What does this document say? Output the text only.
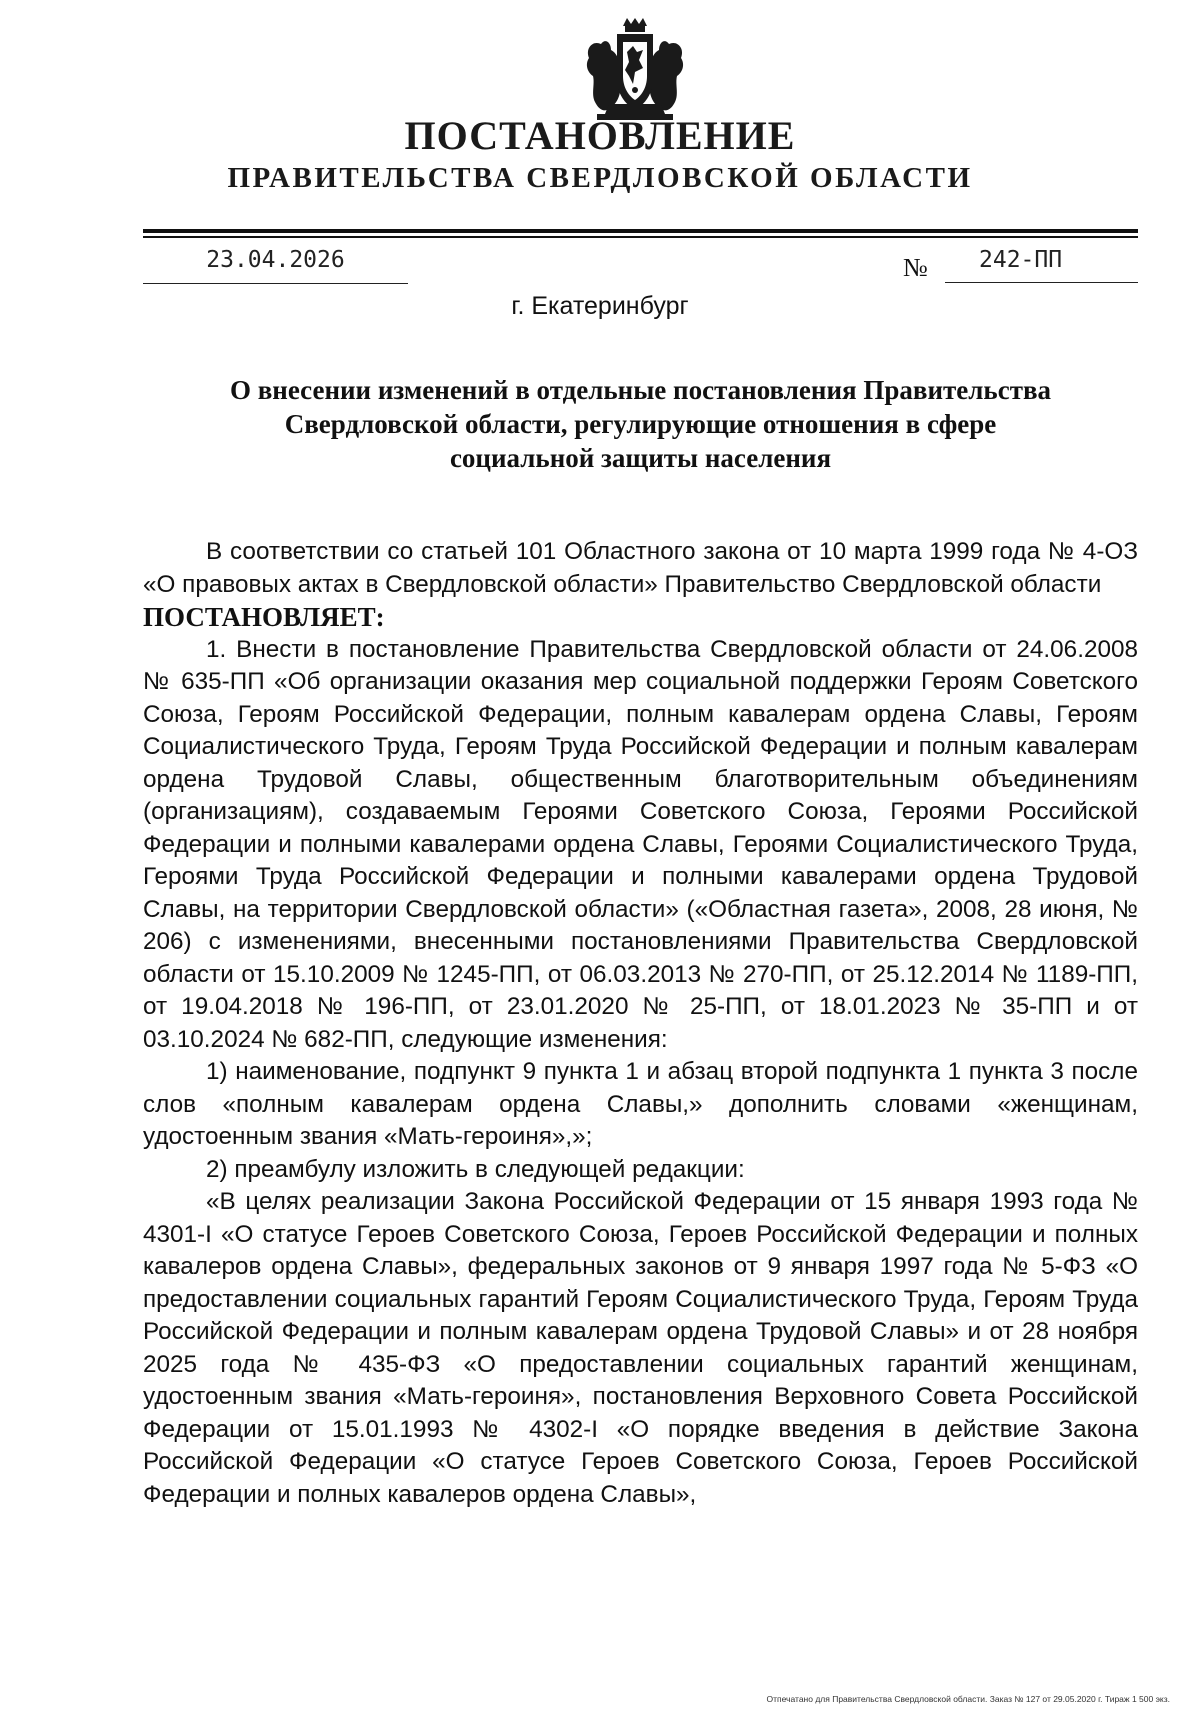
ПОСТАНОВЛЕНИЕ
ПРАВИТЕЛЬСТВА СВЕРДЛОВСКОЙ ОБЛАСТИ
23.04.2026	№	242-ПП
г. Екатеринбург
О внесении изменений в отдельные постановления Правительства
Свердловской области, регулирующие отношения в сфере
социальной защиты населения

В соответствии со статьей 101 Областного закона от 10 марта 1999 года № 4-ОЗ «О правовых актах в Свердловской области» Правительство Свердловской области

ПОСТАНОВЛЯЕТ:

1. Внести в постановление Правительства Свердловской области от 24.06.2008 № 635-ПП «Об организации оказания мер социальной поддержки Героям Советского Союза, Героям Российской Федерации, полным кавалерам ордена Славы, Героям Социалистического Труда, Героям Труда Российской Федерации и полным кавалерам ордена Трудовой Славы, общественным благотворительным объединениям (организациям), создаваемым Героями Советского Союза, Героями Российской Федерации и полными кавалерами ордена Славы, Героями Социалистического Труда, Героями Труда Российской Федерации и полными кавалерами ордена Трудовой Славы, на территории Свердловской области» («Областная газета», 2008, 28 июня, № 206) с изменениями, внесенными постановлениями Правительства Свердловской области от 15.10.2009 № 1245-ПП, от 06.03.2013 № 270-ПП, от 25.12.2014 № 1189-ПП, от 19.04.2018 № 196-ПП, от 23.01.2020 № 25-ПП, от 18.01.2023 № 35-ПП и от 03.10.2024 № 682-ПП, следующие изменения:

1) наименование, подпункт 9 пункта 1 и абзац второй подпункта 1 пункта 3 после слов «полным кавалерам ордена Славы,» дополнить словами «женщинам, удостоенным звания «Мать-героиня»,»;

2) преамбулу изложить в следующей редакции:

«В целях реализации Закона Российской Федерации от 15 января 1993 года № 4301-I «О статусе Героев Советского Союза, Героев Российской Федерации и полных кавалеров ордена Славы», федеральных законов от 9 января 1997 года № 5-ФЗ «О предоставлении социальных гарантий Героям Социалистического Труда, Героям Труда Российской Федерации и полным кавалерам ордена Трудовой Славы» и от 28 ноября 2025 года № 435-ФЗ «О предоставлении социальных гарантий женщинам, удостоенным звания «Мать-героиня», постановления Верховного Совета Российской Федерации от 15.01.1993 № 4302-I «О порядке введения в действие Закона Российской Федерации «О статусе Героев Советского Союза, Героев Российской Федерации и полных кавалеров ордена Славы»,

Отпечатано для Правительства Свердловской области. Заказ № 127 от 29.05.2020 г. Тираж 1 500 экз.
